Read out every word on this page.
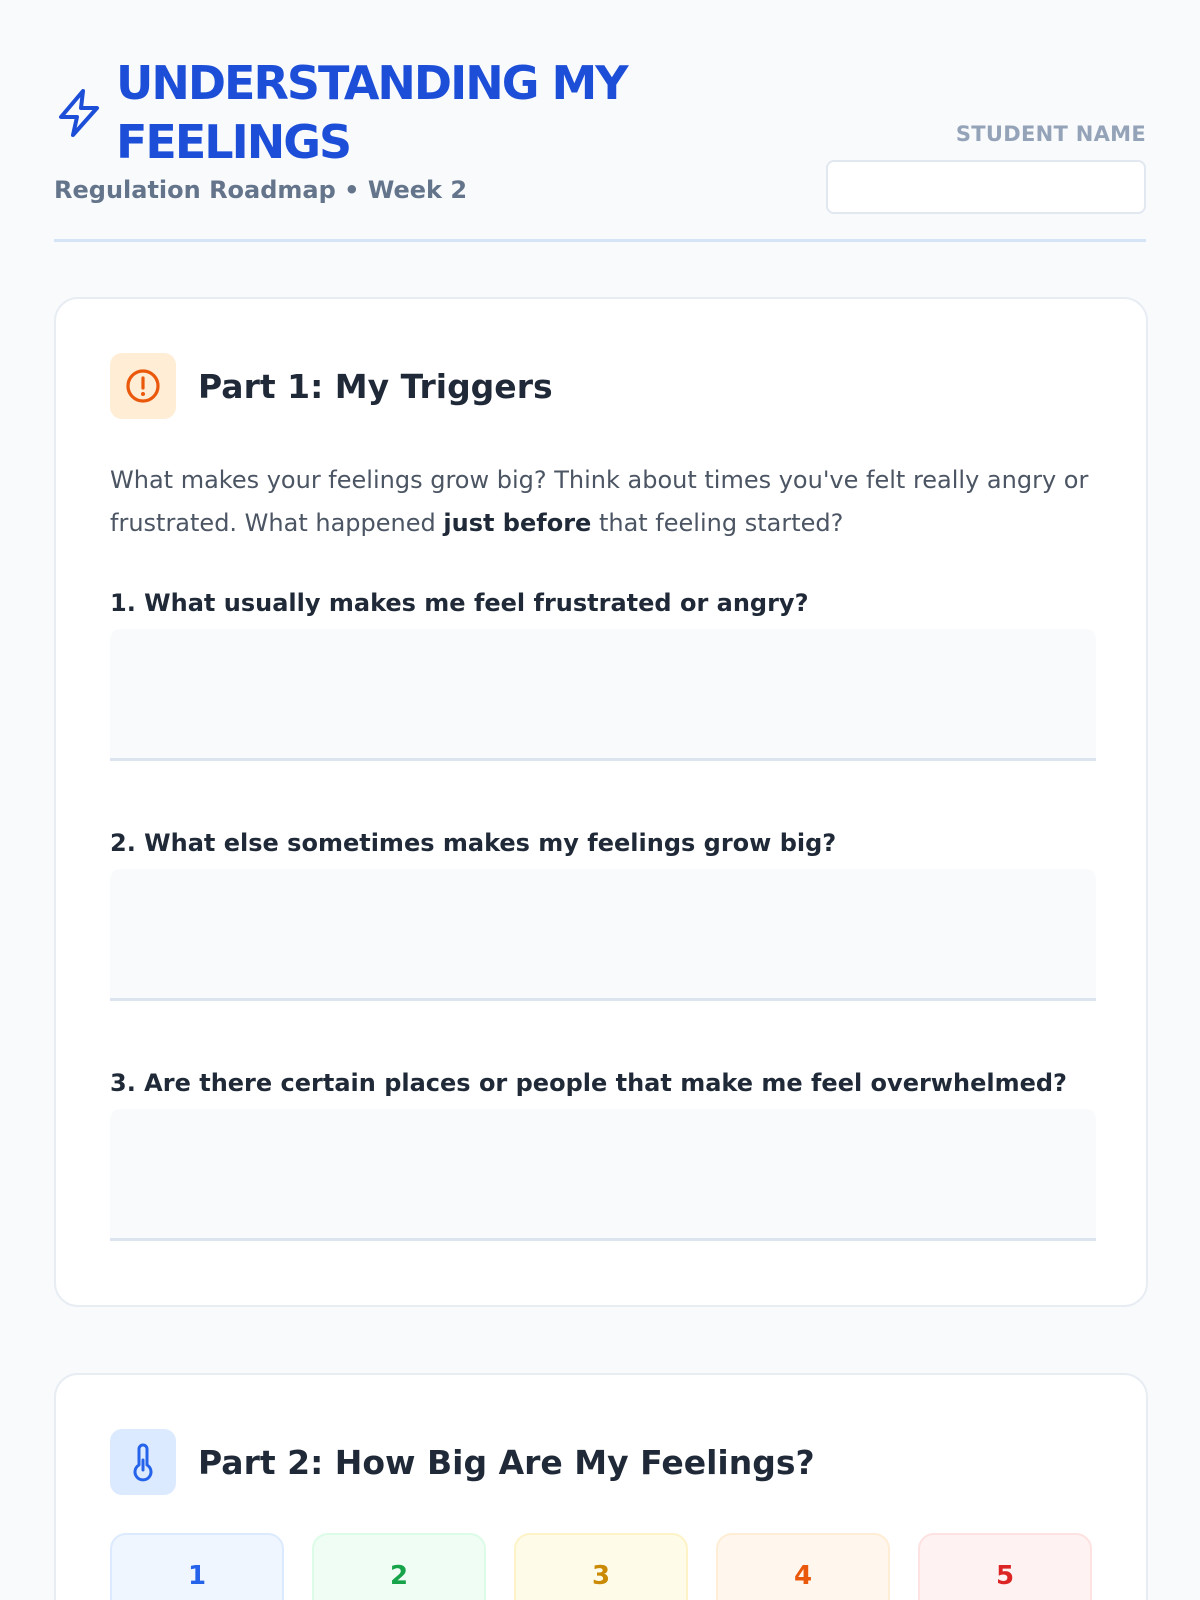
UNDERSTANDING MY FEELINGS
Regulation Roadmap • Week 2
STUDENT NAME
Part 1: My Triggers

What makes your feelings grow big? Think about times you've felt really angry or frustrated. What happened just before that feeling started?

1. What usually makes me feel frustrated or angry?
2. What else sometimes makes my feelings grow big?
3. Are there certain places or people that make me feel overwhelmed?
Part 2: How Big Are My Feelings?
1	2	3	4	5
